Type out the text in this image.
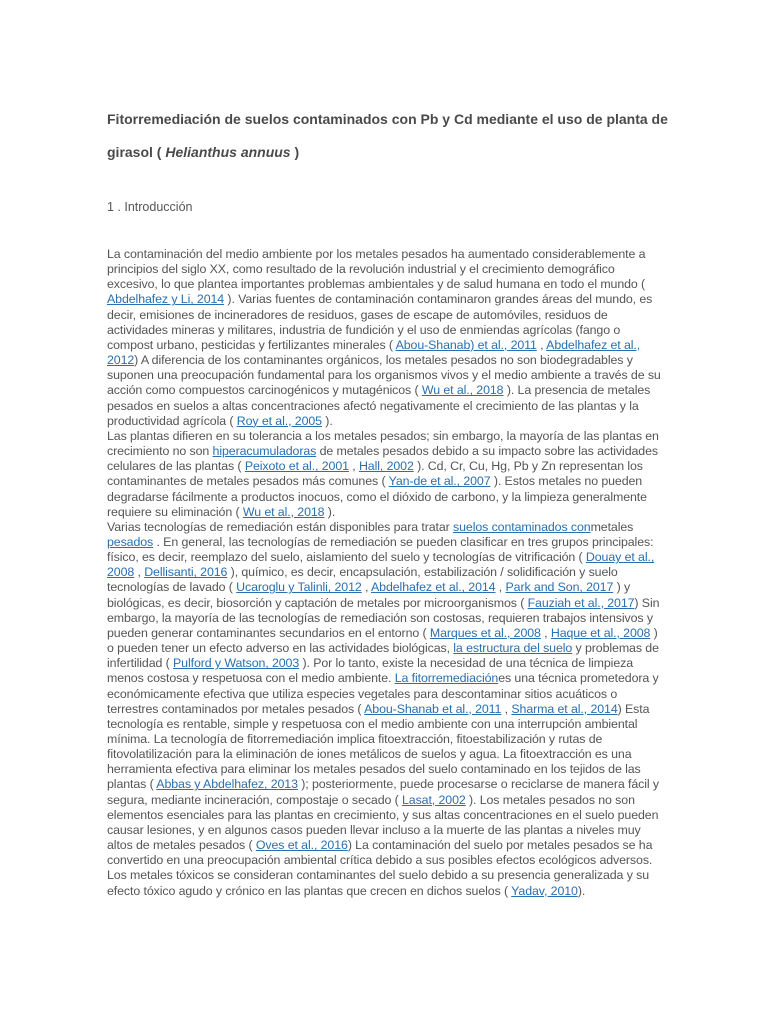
Fitorremediación de suelos contaminados con Pb y Cd mediante el uso de planta de girasol ( Helianthus annuus )
1 . Introducción

La contaminación del medio ambiente por los metales pesados ha aumentado considerablemente a principios del siglo XX, como resultado de la revolución industrial y el crecimiento demográfico excesivo, lo que plantea importantes problemas ambientales y de salud humana en todo el mundo ( Abdelhafez y Li, 2014 ). Varias fuentes de contaminación contaminaron grandes áreas del mundo, es decir, emisiones de incineradores de residuos, gases de escape de automóviles, residuos de actividades mineras y militares, industria de fundición y el uso de enmiendas agrícolas (fango o compost urbano, pesticidas y fertilizantes minerales ( Abou-Shanab) et al., 2011 , Abdelhafez et al., 2012) A diferencia de los contaminantes orgánicos, los metales pesados no son biodegradables y suponen una preocupación fundamental para los organismos vivos y el medio ambiente a través de su acción como compuestos carcinogénicos y mutagénicos ( Wu et al., 2018 ). La presencia de metales pesados en suelos a altas concentraciones afectó negativamente el crecimiento de las plantas y la productividad agrícola ( Roy et al., 2005 ).

Las plantas difieren en su tolerancia a los metales pesados; sin embargo, la mayoría de las plantas en crecimiento no son hiperacumuladoras de metales pesados debido a su impacto sobre las actividades celulares de las plantas ( Peixoto et al., 2001 , Hall, 2002 ). Cd, Cr, Cu, Hg, Pb y Zn representan los contaminantes de metales pesados más comunes ( Yan-de et al., 2007 ). Estos metales no pueden degradarse fácilmente a productos inocuos, como el dióxido de carbono, y la limpieza generalmente requiere su eliminación ( Wu et al., 2018 ).

Varias tecnologías de remediación están disponibles para tratar suelos contaminados conmetales pesados . En general, las tecnologías de remediación se pueden clasificar en tres grupos principales: físico, es decir, reemplazo del suelo, aislamiento del suelo y tecnologías de vitrificación ( Douay et al., 2008 , Dellisanti, 2016 ), químico, es decir, encapsulación, estabilización / solidificación y suelo tecnologías de lavado ( Ucaroglu y Talinli, 2012 , Abdelhafez et al., 2014 , Park and Son, 2017 ) y biológicas, es decir, biosorción y captación de metales por microorganismos ( Fauziah et al., 2017) Sin embargo, la mayoría de las tecnologías de remediación son costosas, requieren trabajos intensivos y pueden generar contaminantes secundarios en el entorno ( Marques et al., 2008 , Haque et al., 2008 ) o pueden tener un efecto adverso en las actividades biológicas, la estructura del suelo y problemas de infertilidad ( Pulford y Watson, 2003 ). Por lo tanto, existe la necesidad de una técnica de limpieza menos costosa y respetuosa con el medio ambiente. La fitorremediaciónes una técnica prometedora y económicamente efectiva que utiliza especies vegetales para descontaminar sitios acuáticos o terrestres contaminados por metales pesados ( Abou-Shanab et al., 2011 , Sharma et al., 2014) Esta tecnología es rentable, simple y respetuosa con el medio ambiente con una interrupción ambiental mínima. La tecnología de fitorremediación implica fitoextracción, fitoestabilización y rutas de fitovolatilización para la eliminación de iones metálicos de suelos y agua. La fitoextracción es una herramienta efectiva para eliminar los metales pesados del suelo contaminado en los tejidos de las plantas ( Abbas y Abdelhafez, 2013 ); posteriormente, puede procesarse o reciclarse de manera fácil y segura, mediante incineración, compostaje o secado ( Lasat, 2002 ). Los metales pesados no son elementos esenciales para las plantas en crecimiento, y sus altas concentraciones en el suelo pueden causar lesiones, y en algunos casos pueden llevar incluso a la muerte de las plantas a niveles muy altos de metales pesados ( Oves et al., 2016) La contaminación del suelo por metales pesados se ha convertido en una preocupación ambiental crítica debido a sus posibles efectos ecológicos adversos. Los metales tóxicos se consideran contaminantes del suelo debido a su presencia generalizada y su efecto tóxico agudo y crónico en las plantas que crecen en dichos suelos ( Yadav, 2010).
